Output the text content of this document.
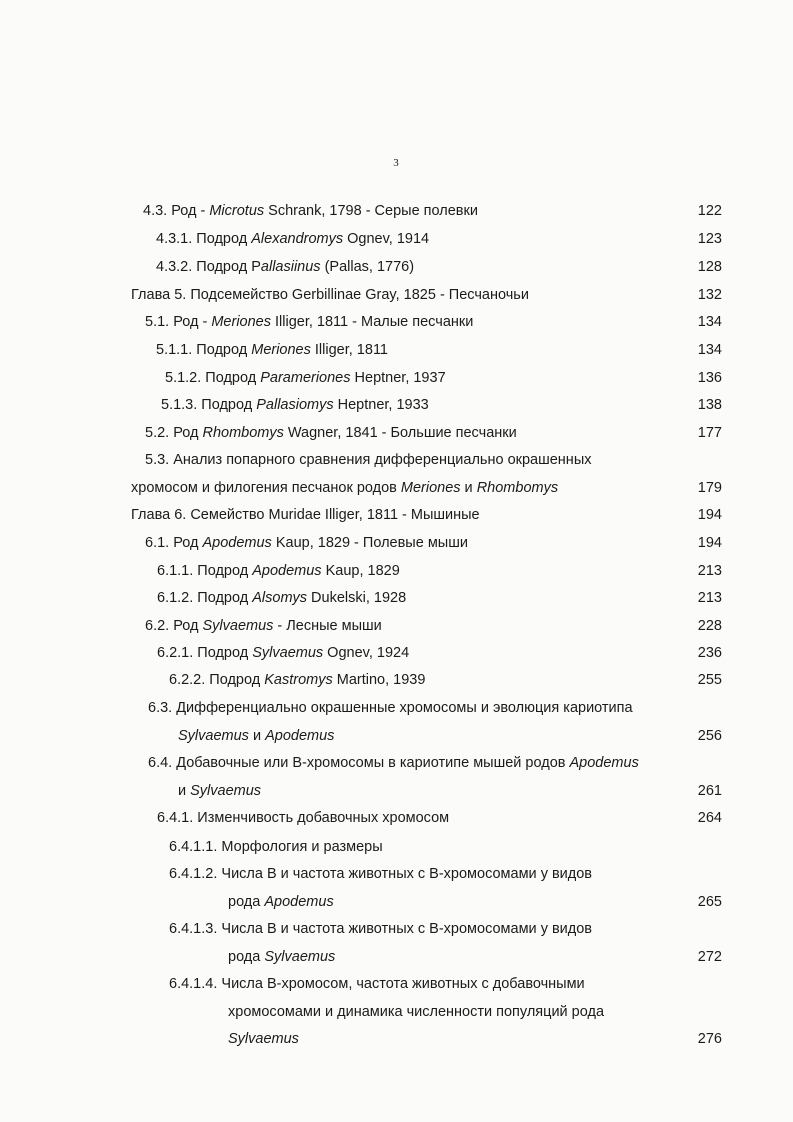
3
4.3. Род - Microtus Schrank, 1798 - Серые полевки	122
4.3.1. Подрод Alexandromys Ognev, 1914	123
4.3.2. Подрод Pallasiinus (Pallas, 1776)	128
Глава 5. Подсемейство Gerbillinae Gray, 1825 - Песчаночьи	132
5.1. Род - Meriones Illiger, 1811 - Малые песчанки	134
5.1.1. Подрод Meriones Illiger, 1811	134
5.1.2. Подрод Parameriones Heptner, 1937	136
5.1.3. Подрод Pallasiomys Heptner, 1933	138
5.2. Род Rhombomys Wagner, 1841 - Большие песчанки	177
5.3. Анализ попарного сравнения дифференциально окрашенных
хромосом и филогения песчанок родов Meriones и Rhombomys	179
Глава 6. Семейство Muridae Illiger, 1811 - Мышиные	194
6.1. Род Apodemus Kaup, 1829 - Полевые мыши	194
6.1.1. Подрод Apodemus Kaup, 1829	213
6.1.2. Подрод Alsomys Dukelski, 1928	213
6.2. Род Sylvaemus - Лесные мыши	228
6.2.1. Подрод Sylvaemus Ognev, 1924	236
6.2.2. Подрод Kastromys Martino, 1939	255
6.3. Дифференциально окрашенные хромосомы и эволюция кариотипа
Sylvaemus и Apodemus	256
6.4. Добавочные или В-хромосомы в кариотипе мышей родов Apodemus
и Sylvaemus	261
6.4.1. Изменчивость добавочных хромосом	264
6.4.1.1. Морфология и размеры
6.4.1.2. Числа В и частота животных с В-хромосомами у видов
рода Apodemus	265
6.4.1.3. Числа В и частота животных с В-хромосомами у видов
рода Sylvaemus	272
6.4.1.4. Числа В-хромосом, частота животных с добавочными
хромосомами и динамика численности популяций рода
Sylvaemus	276
